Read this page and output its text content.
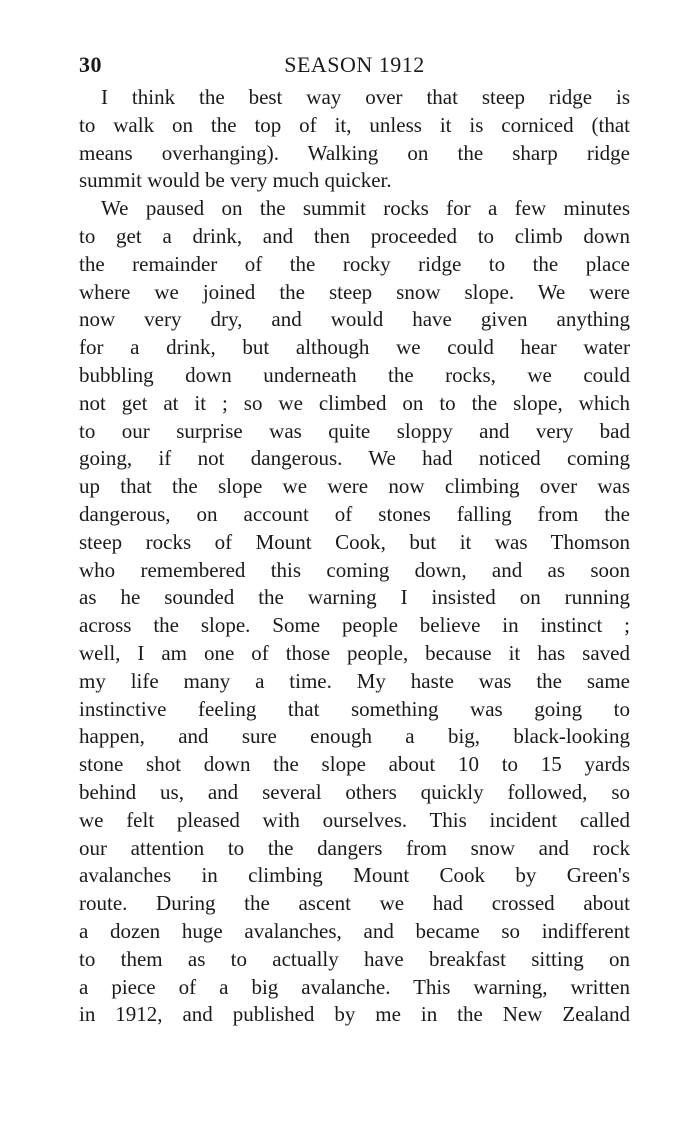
30	SEASON 1912
I think the best way over that steep ridge is
to walk on the top of it, unless it is corniced (that
means overhanging). Walking on the sharp ridge
summit would be very much quicker.
We paused on the summit rocks for a few minutes
to get a drink, and then proceeded to climb down
the remainder of the rocky ridge to the place
where we joined the steep snow slope. We were
now very dry, and would have given anything
for a drink, but although we could hear water
bubbling down underneath the rocks, we could
not get at it ; so we climbed on to the slope, which
to our surprise was quite sloppy and very bad
going, if not dangerous. We had noticed coming
up that the slope we were now climbing over was
dangerous, on account of stones falling from the
steep rocks of Mount Cook, but it was Thomson
who remembered this coming down, and as soon
as he sounded the warning I insisted on running
across the slope. Some people believe in instinct ;
well, I am one of those people, because it has saved
my life many a time. My haste was the same
instinctive feeling that something was going to
happen, and sure enough a big, black-looking
stone shot down the slope about 10 to 15 yards
behind us, and several others quickly followed, so
we felt pleased with ourselves. This incident called
our attention to the dangers from snow and rock
avalanches in climbing Mount Cook by Green's
route. During the ascent we had crossed about
a dozen huge avalanches, and became so indifferent
to them as to actually have breakfast sitting on
a piece of a big avalanche. This warning, written
in 1912, and published by me in the New Zealand
